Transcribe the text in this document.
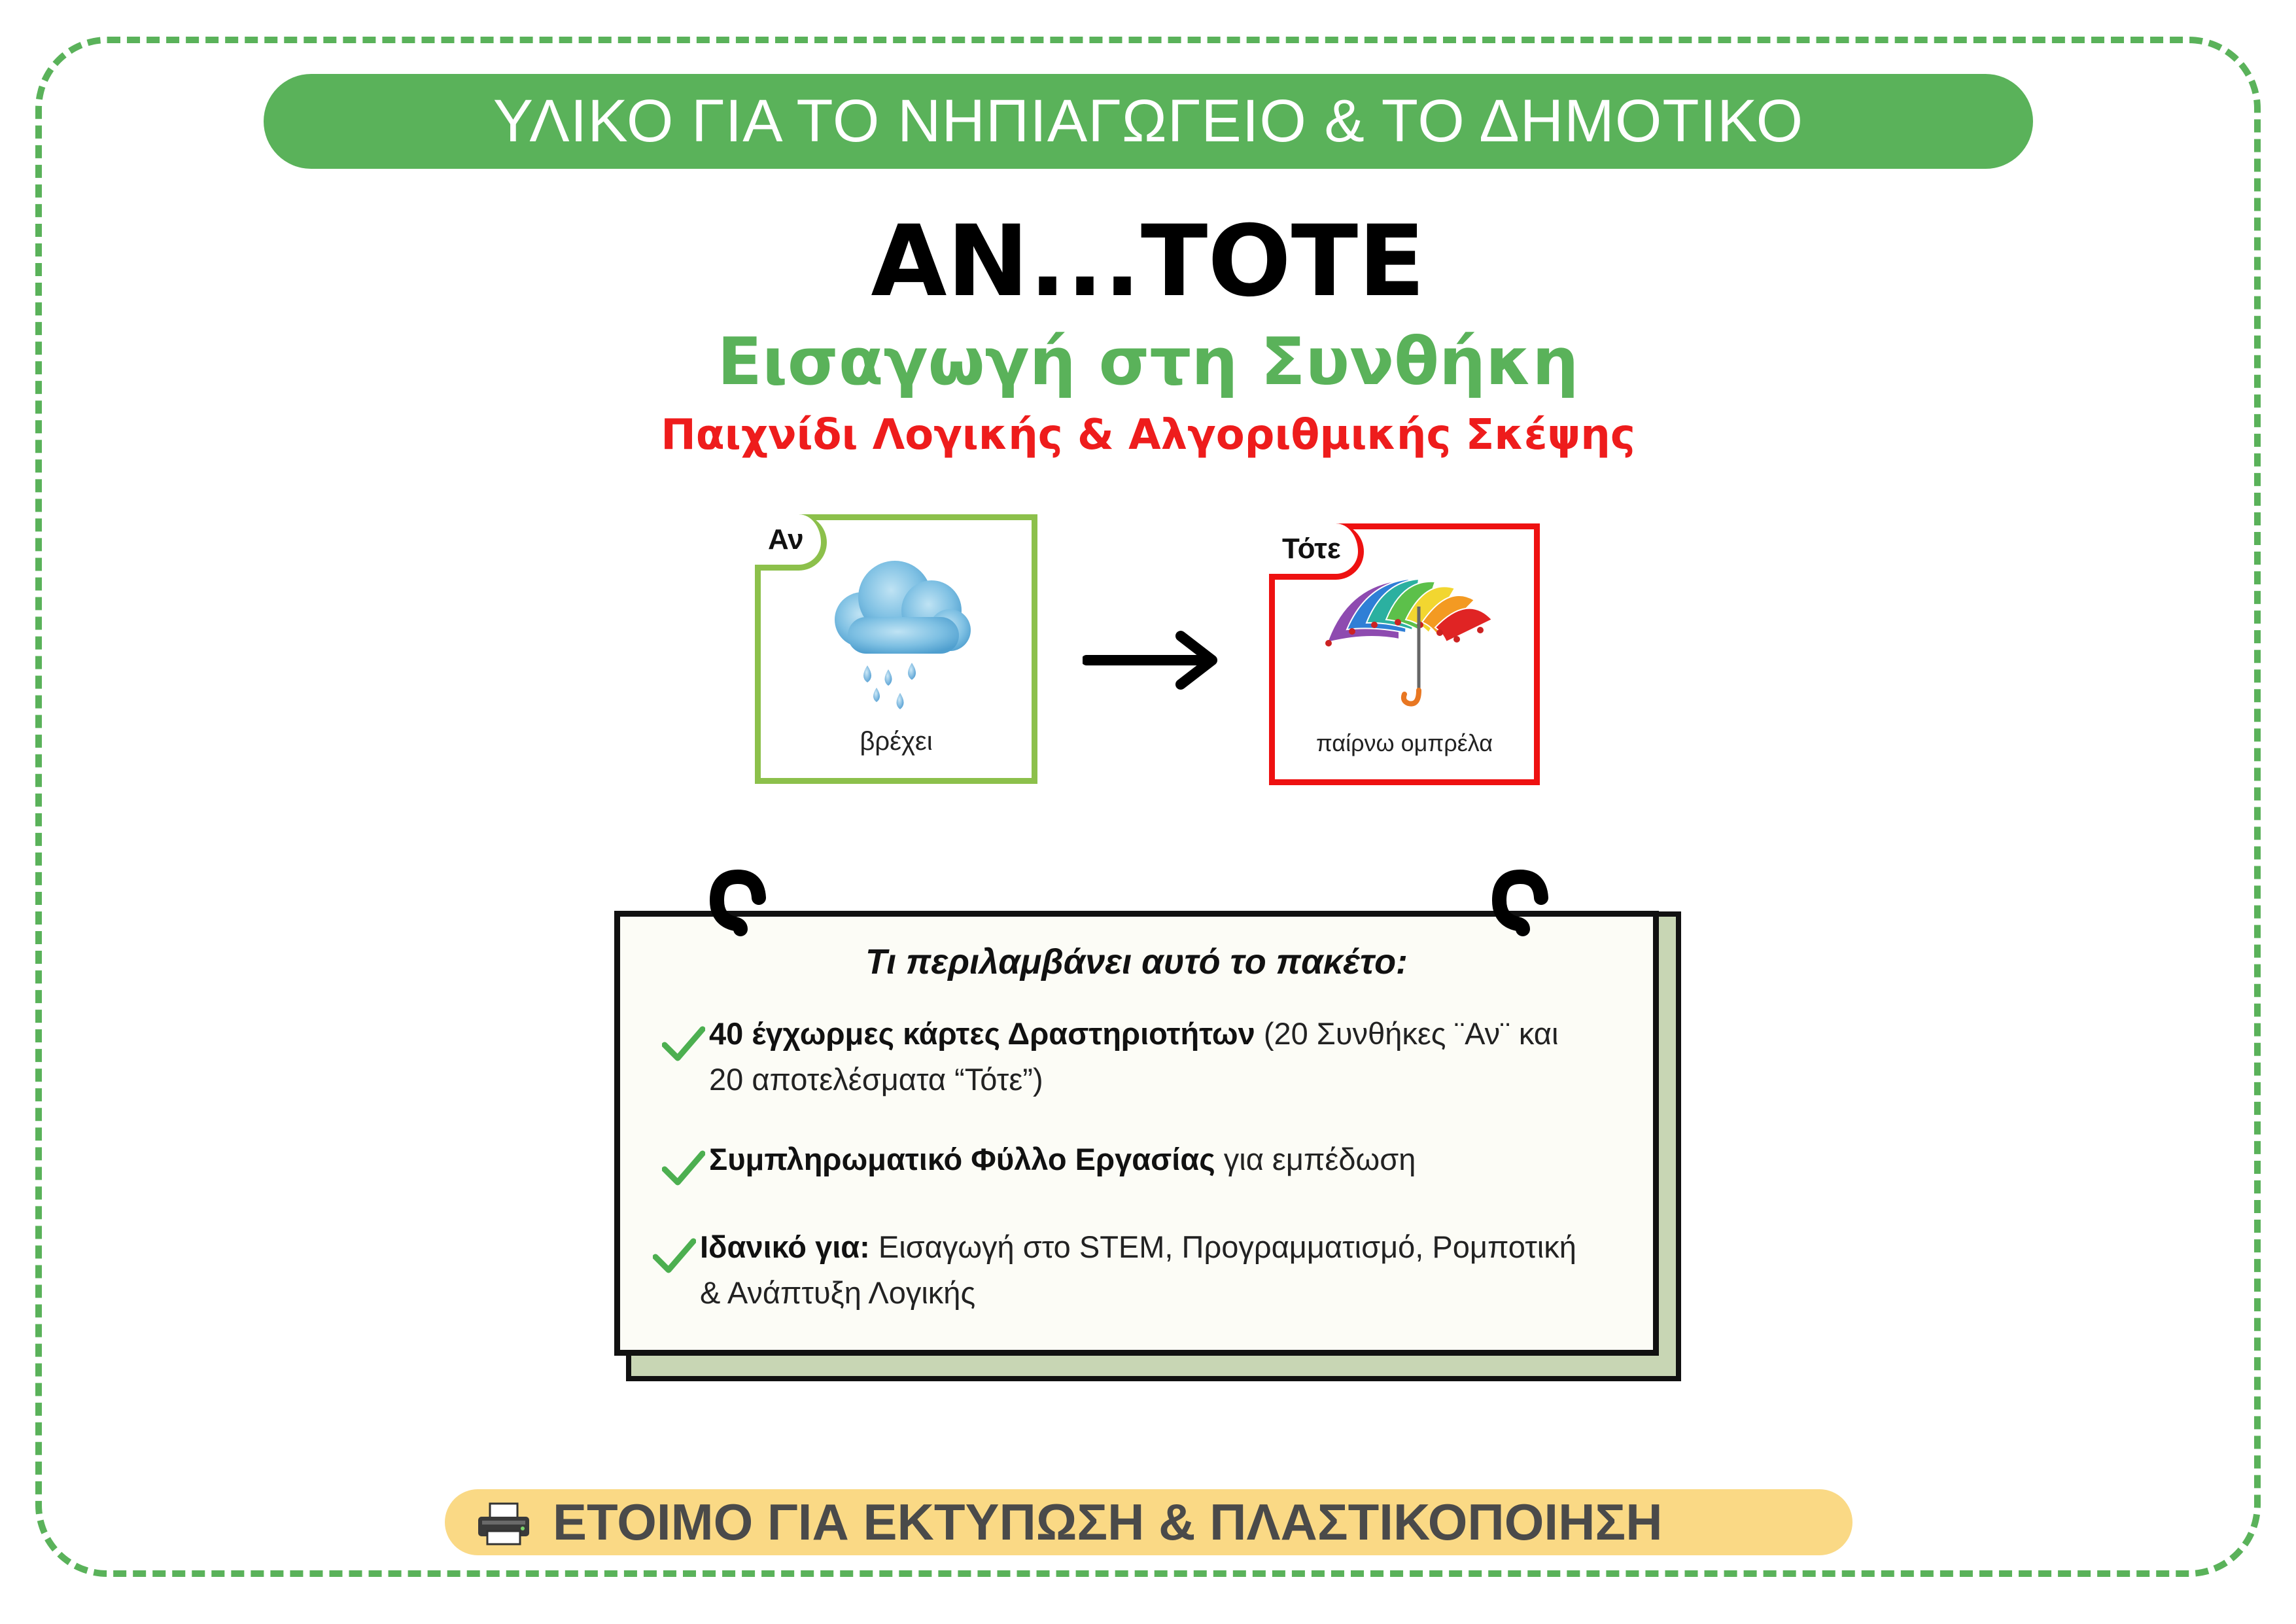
ΥΛΙΚΟ ΓΙΑ ΤΟ ΝΗΠΙΑΓΩΓΕΙΟ & ΤΟ ΔΗΜΟΤΙΚΟ
ΑΝ...ΤΟΤΕ
Εισαγωγή στη Συνθήκη
Παιχνίδι Λογικής & Αλγοριθμικής Σκέψης
Αν
βρέχει
Τότε
παίρνω ομπρέλα
Τι περιλαμβάνει αυτό το πακέτο:
40 έγχωρμες κάρτες Δραστηριοτήτων (20 Συνθήκες ¨Αν¨ και
20 αποτελέσματα “Τότε”)
Συμπληρωματικό Φύλλο Εργασίας για εμπέδωση
Ιδανικό για: Εισαγωγή στο STEM, Προγραμματισμό, Ρομποτική
& Ανάπτυξη Λογικής
ΕΤΟΙΜΟ ΓΙΑ ΕΚΤΥΠΩΣΗ & ΠΛΑΣΤΙΚΟΠΟΙΗΣΗ
